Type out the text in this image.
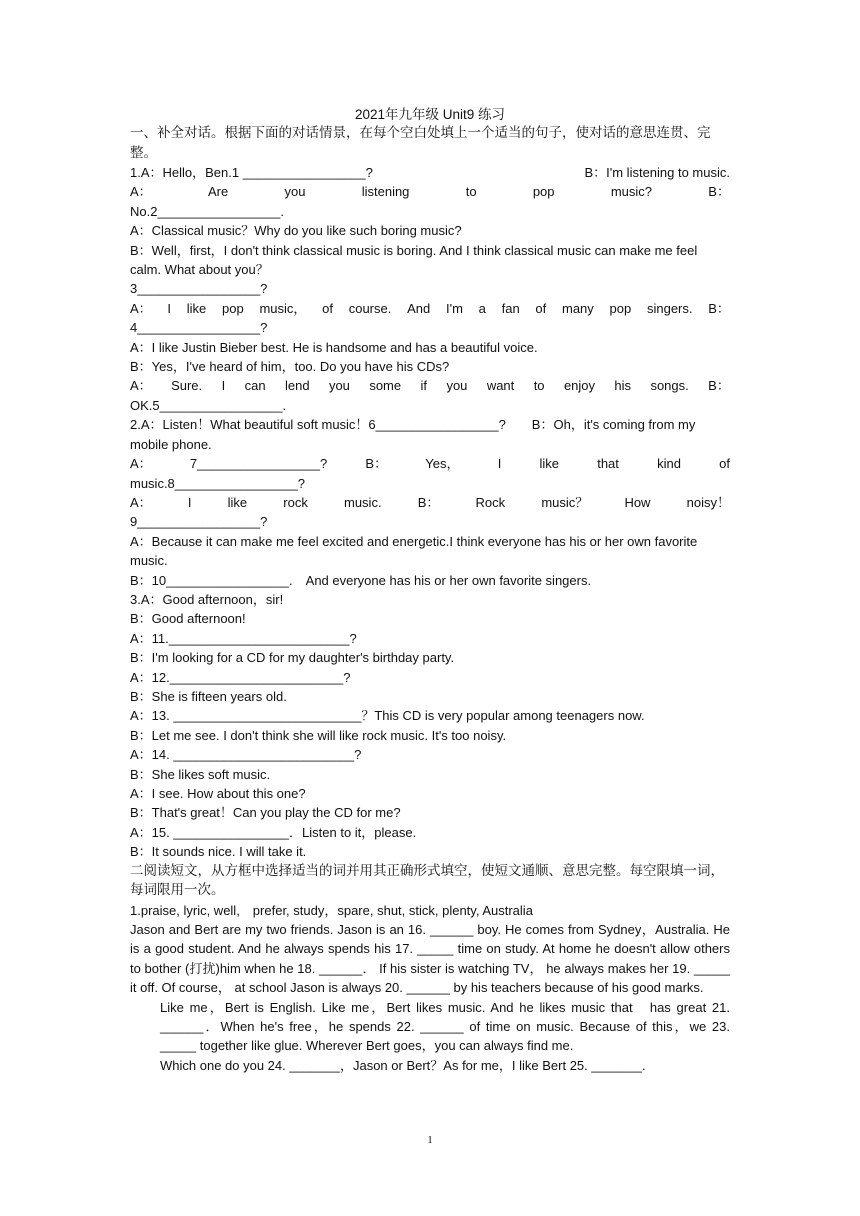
2021年九年级 Unit9 练习
一、补全对话。根据下面的对话情景，在每个空白处填上一个适当的句子，使对话的意思连贯、完整。
1.A：Hello，Ben.1 _________________?	B：I'm listening to music.
A：	Are	you	listening	to	pop	music?	B：
No.2_________________.
A：Classical music？Why do you like such boring music?
B：Well，first，I don't think classical music is boring. And I think classical music can make me feel calm. What about you？
3_________________?
A： I like pop music， of course. And I'm a fan of many pop singers. B：
4_________________?
A：I like Justin Bieber best. He is handsome and has a beautiful voice.
B：Yes，I've heard of him，too. Do you have his CDs?
A： Sure. I can lend you some if you want to enjoy his songs. B：
OK.5_________________.
2.A：Listen！What beautiful soft music！6_________________?　　B：Oh，it's coming from my mobile phone.
A：	7_________________?	B：	Yes，	I	like	that	kind	of
music.8_________________?
A：	I	like	rock	music.	B：	Rock	music？	How	noisy！
9_________________?
A：Because it can make me feel excited and energetic.I think everyone has his or her own favorite music.
B：10_________________.　And everyone has his or her own favorite singers.
3.A：Good afternoon，sir!
B：Good afternoon!
A：11._________________________?
B：I'm looking for a CD for my daughter's birthday party.
A：12.________________________?
B：She is fifteen years old.
A：13. __________________________？This CD is very popular among teenagers now.
B：Let me see. I don't think she will like rock music. It's too noisy.
A：14. _________________________?
B：She likes soft music.
A：I see. How about this one?
B：That's great！Can you play the CD for me?
A：15. ________________．Listen to it，please.
B：It sounds nice. I will take it.
二阅读短文，从方框中选择适当的词并用其正确形式填空，使短文通顺、意思完整。每空限填一词，每词限用一次。
1.praise, lyric, well,　prefer, study，spare, shut, stick, plenty, Australia
Jason and Bert are my two friends. Jason is an 16. ______ boy. He comes from Sydney，Australia. He is a good student. And he always spends his 17. _____ time on study. At home he doesn't allow others to bother (打扰)him when he 18. ______． If his sister is watching TV， he always makes her 19. _____ it off. Of course， at school Jason is always 20. ______ by his teachers because of his good marks.
Like me，Bert is English. Like me，Bert likes music. And he likes music that　has great 21. ______．When he's free，he spends 22. ______ of time on music. Because of this，we 23. _____ together like glue. Wherever Bert goes，you can always find me.
Which one do you 24. _______，Jason or Bert？As for me，I like Bert 25. _______.
1
